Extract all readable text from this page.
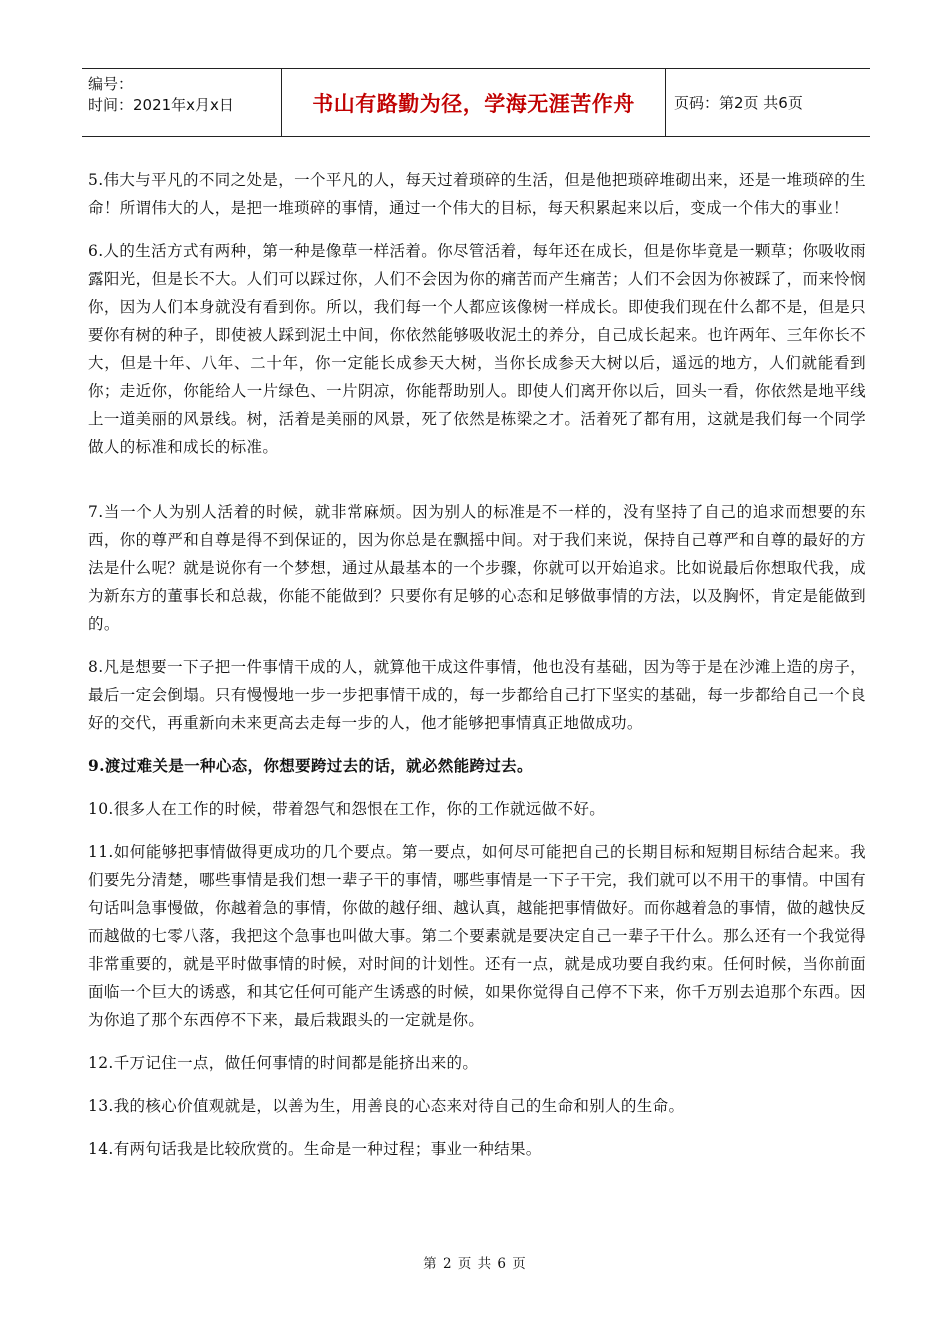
编号：
时间：2021年x月x日	书山有路勤为径，学海无涯苦作舟	页码：第2页 共6页

5.伟大与平凡的不同之处是，一个平凡的人，每天过着琐碎的生活，但是他把琐碎堆砌出来，还是一堆琐碎的生命！所谓伟大的人，是把一堆琐碎的事情，通过一个伟大的目标，每天积累起来以后，变成一个伟大的事业！

6.人的生活方式有两种，第一种是像草一样活着。你尽管活着，每年还在成长，但是你毕竟是一颗草；你吸收雨露阳光，但是长不大。人们可以踩过你，人们不会因为你的痛苦而产生痛苦；人们不会因为你被踩了，而来怜悯你，因为人们本身就没有看到你。所以，我们每一个人都应该像树一样成长。即使我们现在什么都不是，但是只要你有树的种子，即使被人踩到泥土中间，你依然能够吸收泥土的养分，自己成长起来。也许两年、三年你长不大，但是十年、八年、二十年，你一定能长成参天大树，当你长成参天大树以后，遥远的地方，人们就能看到你；走近你，你能给人一片绿色、一片阴凉，你能帮助别人。即使人们离开你以后，回头一看，你依然是地平线上一道美丽的风景线。树，活着是美丽的风景，死了依然是栋梁之才。活着死了都有用，这就是我们每一个同学做人的标准和成长的标准。

7.当一个人为别人活着的时候，就非常麻烦。因为别人的标准是不一样的，没有坚持了自己的追求而想要的东西，你的尊严和自尊是得不到保证的，因为你总是在飘摇中间。对于我们来说，保持自己尊严和自尊的最好的方法是什么呢？就是说你有一个梦想，通过从最基本的一个步骤，你就可以开始追求。比如说最后你想取代我，成为新东方的董事长和总裁，你能不能做到？只要你有足够的心态和足够做事情的方法，以及胸怀，肯定是能做到的。

8.凡是想要一下子把一件事情干成的人，就算他干成这件事情，他也没有基础，因为等于是在沙滩上造的房子，最后一定会倒塌。只有慢慢地一步一步把事情干成的，每一步都给自己打下坚实的基础，每一步都给自己一个良好的交代，再重新向未来更高去走每一步的人，他才能够把事情真正地做成功。

9.渡过难关是一种心态，你想要跨过去的话，就必然能跨过去。

10.很多人在工作的时候，带着怨气和怨恨在工作，你的工作就远做不好。

11.如何能够把事情做得更成功的几个要点。第一要点，如何尽可能把自己的长期目标和短期目标结合起来。我们要先分清楚，哪些事情是我们想一辈子干的事情，哪些事情是一下子干完，我们就可以不用干的事情。中国有句话叫急事慢做，你越着急的事情，你做的越仔细、越认真，越能把事情做好。而你越着急的事情，做的越快反而越做的七零八落，我把这个急事也叫做大事。第二个要素就是要决定自己一辈子干什么。那么还有一个我觉得非常重要的，就是平时做事情的时候，对时间的计划性。还有一点，就是成功要自我约束。任何时候，当你前面面临一个巨大的诱惑，和其它任何可能产生诱惑的时候，如果你觉得自己停不下来，你千万别去追那个东西。因为你追了那个东西停不下来，最后栽跟头的一定就是你。

12.千万记住一点，做任何事情的时间都是能挤出来的。

13.我的核心价值观就是，以善为生，用善良的心态来对待自己的生命和别人的生命。

14.有两句话我是比较欣赏的。生命是一种过程；事业一种结果。

第 2 页 共 6 页
